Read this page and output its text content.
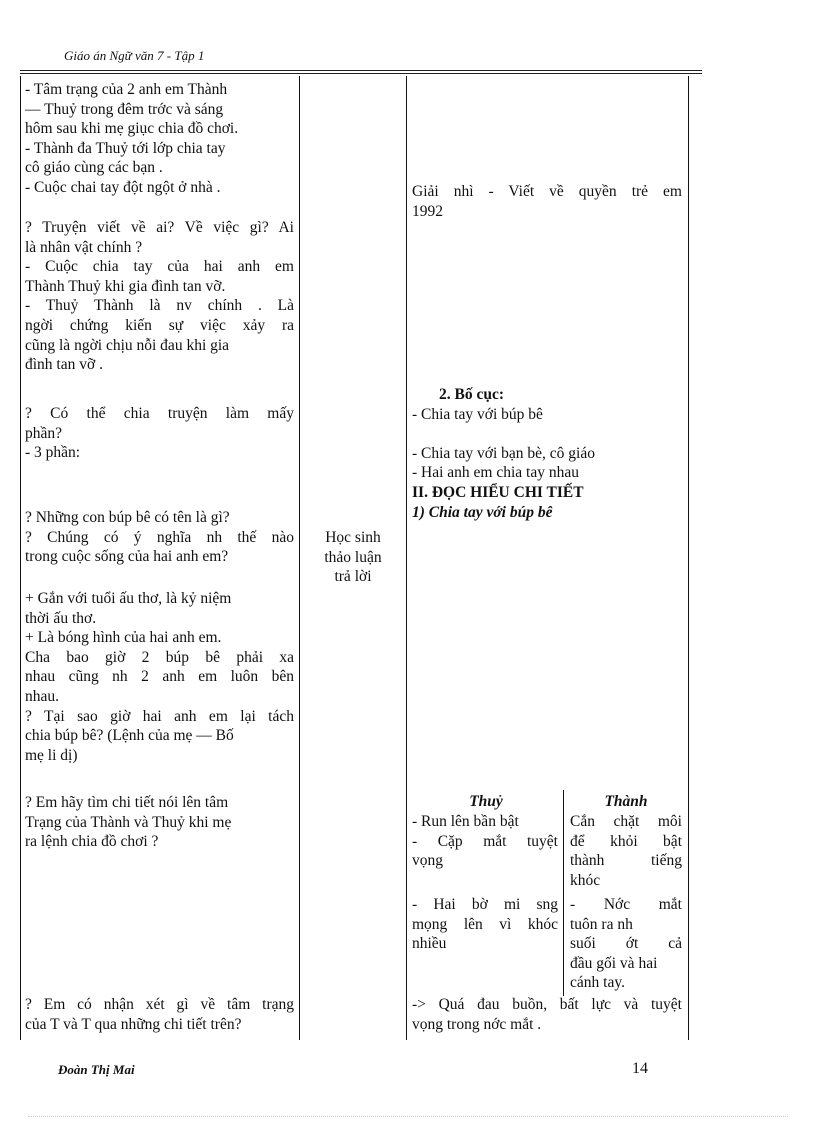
Giáo án Ngữ văn 7 - Tập 1

- Tâm trạng của 2 anh em Thành

— Thuỷ trong đêm trớc và sáng

hôm sau khi mẹ giục chia đồ chơi.

- Thành đa Thuỷ tới lớp chia tay

cô giáo cùng các bạn .

- Cuộc chai tay đột ngột ở nhà .

? Truyện viết về ai? Về việc gì? Ai

là nhân vật chính ?

- Cuộc chia tay của hai anh em

Thành Thuỷ khi gia đình tan vỡ.

- Thuỷ Thành là nv chính . Là

ngời chứng kiến sự việc xảy ra

cũng là ngời chịu nỗi đau khi gia

đình tan vỡ .

? Có thể chia truyện làm mấy

phần?

- 3 phần:

? Những con búp bê có tên là gì?

? Chúng có ý nghĩa nh thế nào

trong cuộc sống của hai anh em?

+ Gắn với tuổi ấu thơ, là kỷ niệm

thời ấu thơ.

+ Là bóng hình của hai anh em.

Cha bao giờ 2 búp bê phải xa

nhau cũng nh 2 anh em luôn bên

nhau.

? Tại sao giờ hai anh em lại tách

chia búp bê? (Lệnh của mẹ — Bố

mẹ li dị)

? Em hãy tìm chi tiết nói lên tâm

Trạng của Thành và Thuỷ khi mẹ

ra lệnh chia đồ chơi ?

? Em có nhận xét gì về tâm trạng

của T và T qua những chi tiết trên?

Học sinh

thảo luận

trả lời

Giải nhì - Viết về quyền trẻ em

1992

2. Bố cục:

- Chia tay với búp bê

- Chia tay với bạn bè, cô giáo

- Hai anh em chia tay nhau

II. ĐỌC HIỂU CHI TIẾT

1) Chia tay với búp bê

Thuỷ	Thành

- Run lên bần bật

- Cặp mắt tuyệt

vọng

- Hai bờ mi sng

mọng lên vì khóc

nhiều

Cắn chặt môi

để khỏi bật

thành tiếng

khóc

- Nớc mắt

tuôn ra nh

suối ớt cả

đầu gối và hai

cánh tay.

-> Quá đau buồn, bất lực và tuyệt

vọng trong nớc mắt .

Đoàn Thị Mai	14
